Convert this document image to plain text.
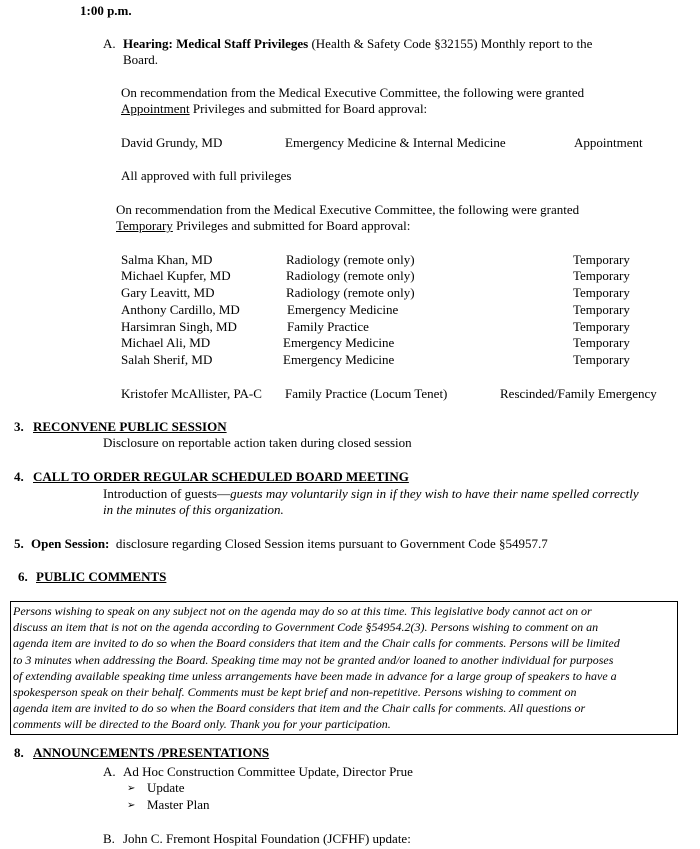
1:00 p.m.
A. Hearing: Medical Staff Privileges (Health & Safety Code §32155) Monthly report to the
Board.
On recommendation from the Medical Executive Committee, the following were granted
Appointment Privileges and submitted for Board approval:
David Grundy, MD	Emergency Medicine & Internal Medicine	Appointment
All approved with full privileges
On recommendation from the Medical Executive Committee, the following were granted
Temporary Privileges and submitted for Board approval:
Salma Khan, MD	Radiology (remote only)	Temporary
Michael Kupfer, MD	Radiology (remote only)	Temporary
Gary Leavitt, MD	Radiology (remote only)	Temporary
Anthony Cardillo, MD	Emergency Medicine	Temporary
Harsimran Singh, MD	Family Practice	Temporary
Michael Ali, MD	Emergency Medicine	Temporary
Salah Sherif, MD	Emergency Medicine	Temporary
Kristofer McAllister, PA-C Family Practice (Locum Tenet)	Rescinded/Family Emergency
3. RECONVENE PUBLIC SESSION
Disclosure on reportable action taken during closed session
4. CALL TO ORDER REGULAR SCHEDULED BOARD MEETING
Introduction of guests—guests may voluntarily sign in if they wish to have their name spelled correctly
in the minutes of this organization.
5. Open Session:  disclosure regarding Closed Session items pursuant to Government Code §54957.7
6. PUBLIC COMMENTS
Persons wishing to speak on any subject not on the agenda may do so at this time. This legislative body cannot act on or
discuss an item that is not on the agenda according to Government Code §54954.2(3). Persons wishing to comment on an
agenda item are invited to do so when the Board considers that item and the Chair calls for comments. Persons will be limited
to 3 minutes when addressing the Board. Speaking time may not be granted and/or loaned to another individual for purposes
of extending available speaking time unless arrangements have been made in advance for a large group of speakers to have a
spokesperson speak on their behalf. Comments must be kept brief and non-repetitive. Persons wishing to comment on
agenda item are invited to do so when the Board considers that item and the Chair calls for comments. All questions or
comments will be directed to the Board only. Thank you for your participation.
8. ANNOUNCEMENTS /PRESENTATIONS
A. Ad Hoc Construction Committee Update, Director Prue
➢ Update
➢ Master Plan
B. John C. Fremont Hospital Foundation (JCFHF) update:
